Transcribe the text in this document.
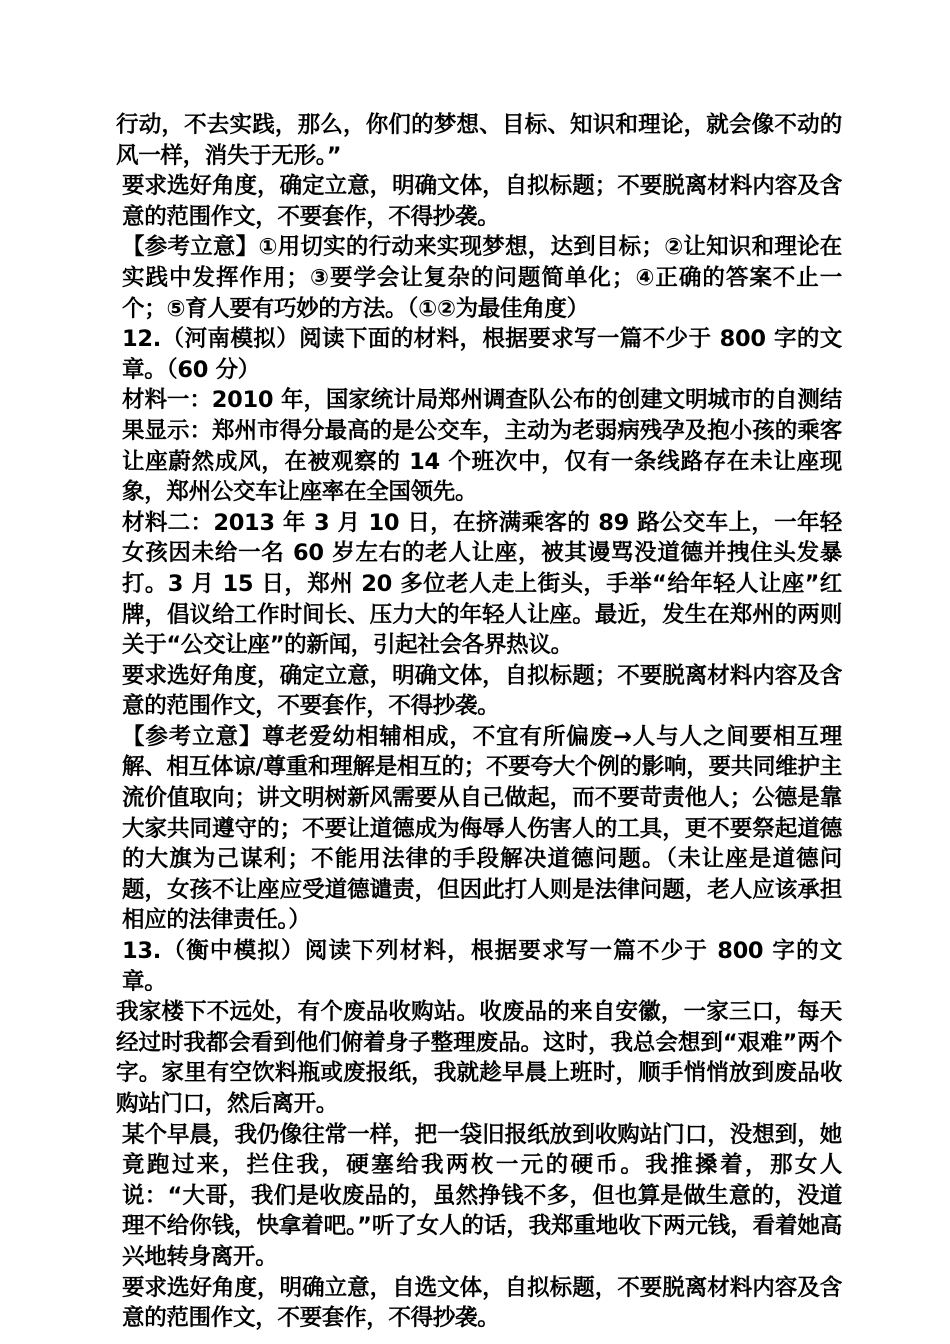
行动，不去实践，那么，你们的梦想、目标、知识和理论，就会像不动的风一样，消失于无形。”

要求选好角度，确定立意，明确文体，自拟标题；不要脱离材料内容及含意的范围作文，不要套作，不得抄袭。

【参考立意】①用切实的行动来实现梦想，达到目标；②让知识和理论在实践中发挥作用；③要学会让复杂的问题简单化；④正确的答案不止一个；⑤育人要有巧妙的方法。（①②为最佳角度）

12.（河南模拟）阅读下面的材料，根据要求写一篇不少于 800 字的文章。（60 分）

材料一：2010 年，国家统计局郑州调查队公布的创建文明城市的自测结果显示：郑州市得分最高的是公交车，主动为老弱病残孕及抱小孩的乘客让座蔚然成风，在被观察的 14 个班次中，仅有一条线路存在未让座现象，郑州公交车让座率在全国领先。

材料二：2013 年 3 月 10 日，在挤满乘客的 89 路公交车上，一年轻女孩因未给一名 60 岁左右的老人让座，被其谩骂没道德并拽住头发暴打。3 月 15 日，郑州 20 多位老人走上街头，手举“给年轻人让座”红牌，倡议给工作时间长、压力大的年轻人让座。最近，发生在郑州的两则关于“公交让座”的新闻，引起社会各界热议。

要求选好角度，确定立意，明确文体，自拟标题；不要脱离材料内容及含意的范围作文，不要套作，不得抄袭。

【参考立意】尊老爱幼相辅相成，不宜有所偏废→人与人之间要相互理解、相互体谅/尊重和理解是相互的；不要夸大个例的影响，要共同维护主流价值取向；讲文明树新风需要从自己做起，而不要苛责他人；公德是靠大家共同遵守的；不要让道德成为侮辱人伤害人的工具，更不要祭起道德的大旗为己谋利；不能用法律的手段解决道德问题。（未让座是道德问题，女孩不让座应受道德谴责，但因此打人则是法律问题，老人应该承担相应的法律责任。）

13.（衡中模拟）阅读下列材料，根据要求写一篇不少于 800 字的文章。

我家楼下不远处，有个废品收购站。收废品的来自安徽，一家三口，每天经过时我都会看到他们俯着身子整理废品。这时，我总会想到“艰难”两个字。家里有空饮料瓶或废报纸，我就趁早晨上班时，顺手悄悄放到废品收购站门口，然后离开。

某个早晨，我仍像往常一样，把一袋旧报纸放到收购站门口，没想到，她竟跑过来，拦住我，硬塞给我两枚一元的硬币。我推搡着，那女人说：“大哥，我们是收废品的，虽然挣钱不多，但也算是做生意的，没道理不给你钱，快拿着吧。”听了女人的话，我郑重地收下两元钱，看着她高兴地转身离开。

要求选好角度，明确立意，自选文体，自拟标题，不要脱离材料内容及含意的范围作文，不要套作，不得抄袭。
